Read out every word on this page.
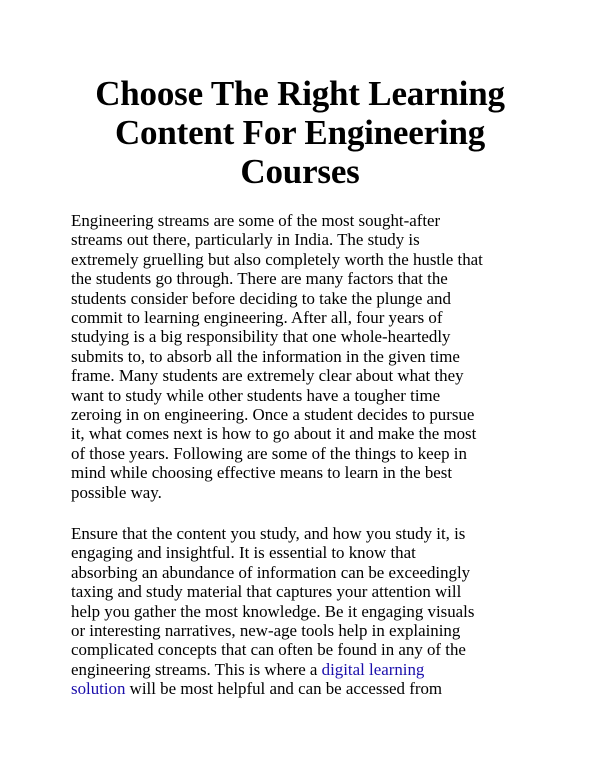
Choose The Right Learning
Content For Engineering
Courses

Engineering streams are some of the most sought-after
streams out there, particularly in India. The study is
extremely gruelling but also completely worth the hustle that
the students go through. There are many factors that the
students consider before deciding to take the plunge and
commit to learning engineering. After all, four years of
studying is a big responsibility that one whole-heartedly
submits to, to absorb all the information in the given time
frame. Many students are extremely clear about what they
want to study while other students have a tougher time
zeroing in on engineering. Once a student decides to pursue
it, what comes next is how to go about it and make the most
of those years. Following are some of the things to keep in
mind while choosing effective means to learn in the best
possible way.

Ensure that the content you study, and how you study it, is
engaging and insightful. It is essential to know that
absorbing an abundance of information can be exceedingly
taxing and study material that captures your attention will
help you gather the most knowledge. Be it engaging visuals
or interesting narratives, new-age tools help in explaining
complicated concepts that can often be found in any of the
engineering streams. This is where a digital learning
solution will be most helpful and can be accessed from
